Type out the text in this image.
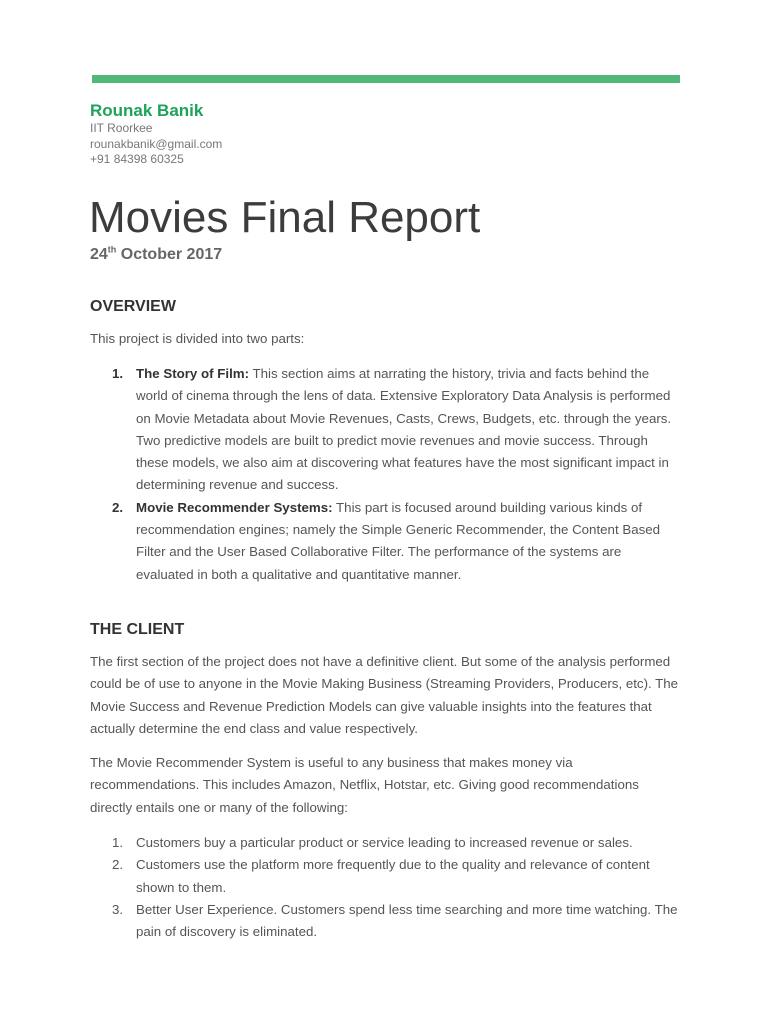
Rounak Banik
IIT Roorkee
rounakbanik@gmail.com
+91 84398 60325
Movies Final Report
24th October 2017
OVERVIEW

This project is divided into two parts:

1. The Story of Film: This section aims at narrating the history, trivia and facts behind the world of cinema through the lens of data. Extensive Exploratory Data Analysis is performed on Movie Metadata about Movie Revenues, Casts, Crews, Budgets, etc. through the years. Two predictive models are built to predict movie revenues and movie success. Through these models, we also aim at discovering what features have the most significant impact in determining revenue and success.
2. Movie Recommender Systems: This part is focused around building various kinds of recommendation engines; namely the Simple Generic Recommender, the Content Based Filter and the User Based Collaborative Filter. The performance of the systems are evaluated in both a qualitative and quantitative manner.
THE CLIENT

The first section of the project does not have a definitive client. But some of the analysis performed could be of use to anyone in the Movie Making Business (Streaming Providers, Producers, etc). The Movie Success and Revenue Prediction Models can give valuable insights into the features that actually determine the end class and value respectively.

The Movie Recommender System is useful to any business that makes money via recommendations. This includes Amazon, Netflix, Hotstar, etc. Giving good recommendations directly entails one or many of the following:

1. Customers buy a particular product or service leading to increased revenue or sales.
2. Customers use the platform more frequently due to the quality and relevance of content shown to them.
3. Better User Experience. Customers spend less time searching and more time watching. The pain of discovery is eliminated.
